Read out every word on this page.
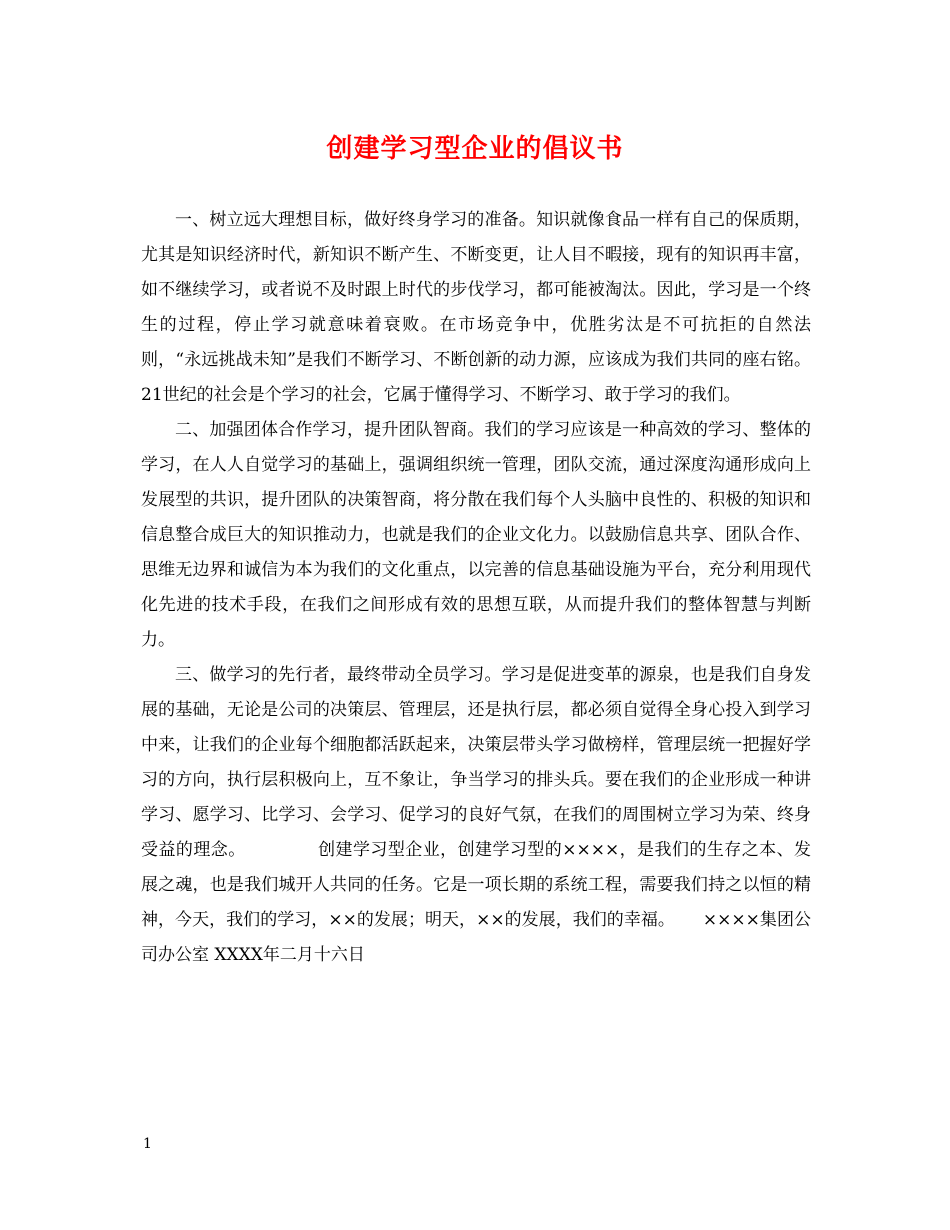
创建学习型企业的倡议书

一、树立远大理想目标，做好终身学习的准备。知识就像食品一样有自己的保质期，尤其是知识经济时代，新知识不断产生、不断变更，让人目不暇接，现有的知识再丰富，如不继续学习，或者说不及时跟上时代的步伐学习，都可能被淘汰。因此，学习是一个终生的过程，停止学习就意味着衰败。在市场竞争中，优胜劣汰是不可抗拒的自然法则，“永远挑战未知”是我们不断学习、不断创新的动力源，应该成为我们共同的座右铭。21世纪的社会是个学习的社会，它属于懂得学习、不断学习、敢于学习的我们。

二、加强团体合作学习，提升团队智商。我们的学习应该是一种高效的学习、整体的学习，在人人自觉学习的基础上，强调组织统一管理，团队交流，通过深度沟通形成向上发展型的共识，提升团队的决策智商，将分散在我们每个人头脑中良性的、积极的知识和信息整合成巨大的知识推动力，也就是我们的企业文化力。以鼓励信息共享、团队合作、思维无边界和诚信为本为我们的文化重点，以完善的信息基础设施为平台，充分利用现代化先进的技术手段，在我们之间形成有效的思想互联，从而提升我们的整体智慧与判断力。

三、做学习的先行者，最终带动全员学习。学习是促进变革的源泉，也是我们自身发展的基础，无论是公司的决策层、管理层，还是执行层，都必须自觉得全身心投入到学习中来，让我们的企业每个细胞都活跃起来，决策层带头学习做榜样，管理层统一把握好学习的方向，执行层积极向上，互不象让，争当学习的排头兵。要在我们的企业形成一种讲学习、愿学习、比学习、会学习、促学习的良好气氛，在我们的周围树立学习为荣、终身受益的理念。	创建学习型企业，创建学习型的××××，是我们的生存之本、发展之魂，也是我们城开人共同的任务。它是一项长期的系统工程，需要我们持之以恒的精神，今天，我们的学习，××的发展；明天，××的发展，我们的幸福。 ××××集团公司办公室 XXXX年二月十六日

1
